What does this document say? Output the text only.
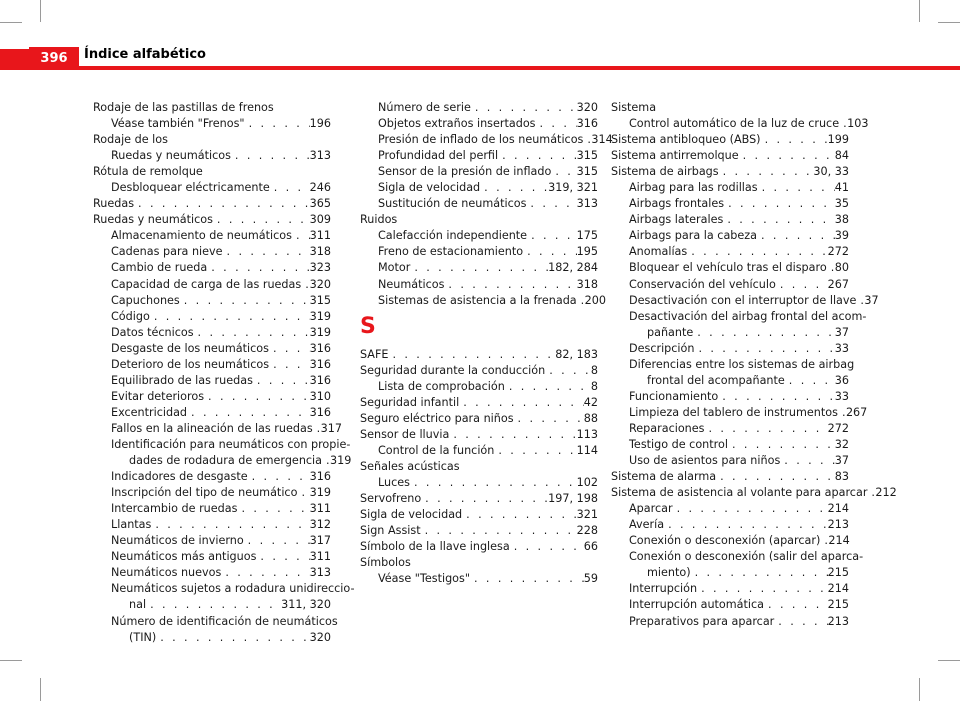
396	Índice alfabético
Rodaje de las pastillas de frenos
Véase también "Frenos" . . .	196
Rodaje de los
Ruedas y neumáticos . . .	313
Rótula de remolque
Desbloquear eléctricamente . . .	246
Ruedas . . .	365
Ruedas y neumáticos . . .	309
Almacenamiento de neumáticos . . . 311
Cadenas para nieve . . .	318
Cambio de rueda . . .	323
Capacidad de carga de las ruedas . . . 320
Capuchones . . .	315
Código . . .	319
Datos técnicos . . .	319
Desgaste de los neumáticos . . .	316
Deterioro de los neumáticos . . .	316
Equilibrado de las ruedas . . .	316
Evitar deterioros . . .	310
Excentricidad . . .	316
Fallos en la alineación de las ruedas . . . 317
Identificación para neumáticos con propie-
dades de rodadura de emergencia . . . 319
Indicadores de desgaste . . .	316
Inscripción del tipo de neumático . . . 319
Intercambio de ruedas . . .	311
Llantas . . .	312
Neumáticos de invierno . . .	317
Neumáticos más antiguos . . .	311
Neumáticos nuevos . . .	313
Neumáticos sujetos a rodadura unidireccio-
nal . . .	311, 320
Número de identificación de neumáticos
(TIN) . . .	320
Número de serie . . .	320
Objetos extraños insertados . . .	316
Presión de inflado de los neumáticos . . . 314
Profundidad del perfil . . .	315
Sensor de la presión de inflado . . . 315
Sigla de velocidad . . .	319, 321
Sustitución de neumáticos . . .	313
Ruidos
Calefacción independiente . . .	175
Freno de estacionamiento . . .	195
Motor . . .	182, 284
Neumáticos . . .	318
Sistemas de asistencia a la frenada . . . 200
S
SAFE . . .	82, 183
Seguridad durante la conducción . . .	8
Lista de comprobación . . .	8
Seguridad infantil . . .	42
Seguro eléctrico para niños . . .	88
Sensor de lluvia . . .	113
Control de la función . . .	114
Señales acústicas
Luces . . .	102
Servofreno . . .	197, 198
Sigla de velocidad . . .	321
Sign Assist . . .	228
Símbolo de la llave inglesa . . .	66
Símbolos
Véase "Testigos" . . .	59
Sistema
Control automático de la luz de cruce . . . 103
Sistema antibloqueo (ABS) . . .	199
Sistema antirremolque . . .	84
Sistema de airbags . . .	30, 33
Airbag para las rodillas . . .	41
Airbags frontales . . .	35
Airbags laterales . . .	38
Airbags para la cabeza . . .	39
Anomalías . . .	272
Bloquear el vehículo tras el disparo . . . 80
Conservación del vehículo . . .	267
Desactivación con el interruptor de llave . . . 37
Desactivación del airbag frontal del acom-
pañante . . .	37
Descripción . . .	33
Diferencias entre los sistemas de airbag
frontal del acompañante . . .	36
Funcionamiento . . .	33
Limpieza del tablero de instrumentos . . . 267
Reparaciones . . .	272
Testigo de control . . .	32
Uso de asientos para niños . . .	37
Sistema de alarma . . .	83
Sistema de asistencia al volante para aparcar . . . 212
Aparcar . . .	214
Avería . . .	213
Conexión o desconexión (aparcar) . . . 214
Conexión o desconexión (salir del aparca-
miento) . . .	215
Interrupción . . .	214
Interrupción automática . . .	215
Preparativos para aparcar . . .	213
